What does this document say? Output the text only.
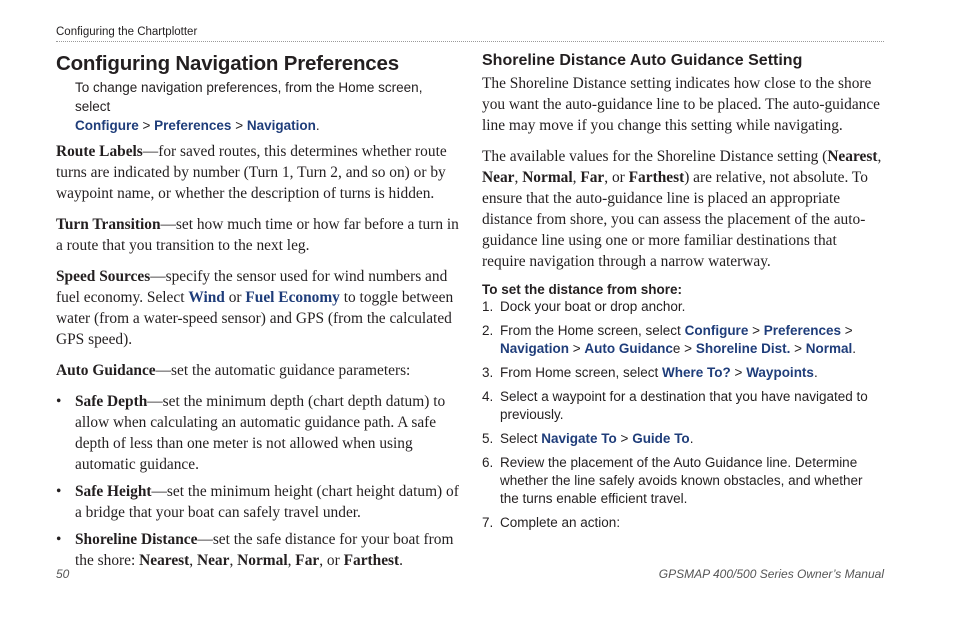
Configuring the Chartplotter
Configuring Navigation Preferences
To change navigation preferences, from the Home screen, select
Configure > Preferences > Navigation.

Route Labels—for saved routes, this determines whether route turns are indicated by number (Turn 1, Turn 2, and so on) or by waypoint name, or whether the description of turns is hidden.

Turn Transition—set how much time or how far before a turn in a route that you transition to the next leg.

Speed Sources—specify the sensor used for wind numbers and fuel economy. Select Wind or Fuel Economy to toggle between water (from a water-speed sensor) and GPS (from the calculated GPS speed).

Auto Guidance—set the automatic guidance parameters:

• Safe Depth—set the minimum depth (chart depth datum) to allow when calculating an automatic guidance path. A safe depth of less than one meter is not allowed when using automatic guidance.
• Safe Height—set the minimum height (chart height datum) of a bridge that your boat can safely travel under.
• Shoreline Distance—set the safe distance for your boat from the shore: Nearest, Near, Normal, Far, or Farthest.
Shoreline Distance Auto Guidance Setting

The Shoreline Distance setting indicates how close to the shore you want the auto-guidance line to be placed. The auto-guidance line may move if you change this setting while navigating.

The available values for the Shoreline Distance setting (Nearest, Near, Normal, Far, or Farthest) are relative, not absolute. To ensure that the auto-guidance line is placed an appropriate distance from shore, you can assess the placement of the auto-guidance line using one or more familiar destinations that require navigation through a narrow waterway.

To set the distance from shore:
1. Dock your boat or drop anchor.
2. From the Home screen, select Configure > Preferences > Navigation > Auto Guidance > Shoreline Dist. > Normal.
3. From Home screen, select Where To? > Waypoints.
4. Select a waypoint for a destination that you have navigated to previously.
5. Select Navigate To > Guide To.
6. Review the placement of the Auto Guidance line. Determine whether the line safely avoids known obstacles, and whether the turns enable efficient travel.
7. Complete an action:
50	GPSMAP 400/500 Series Owner’s Manual
